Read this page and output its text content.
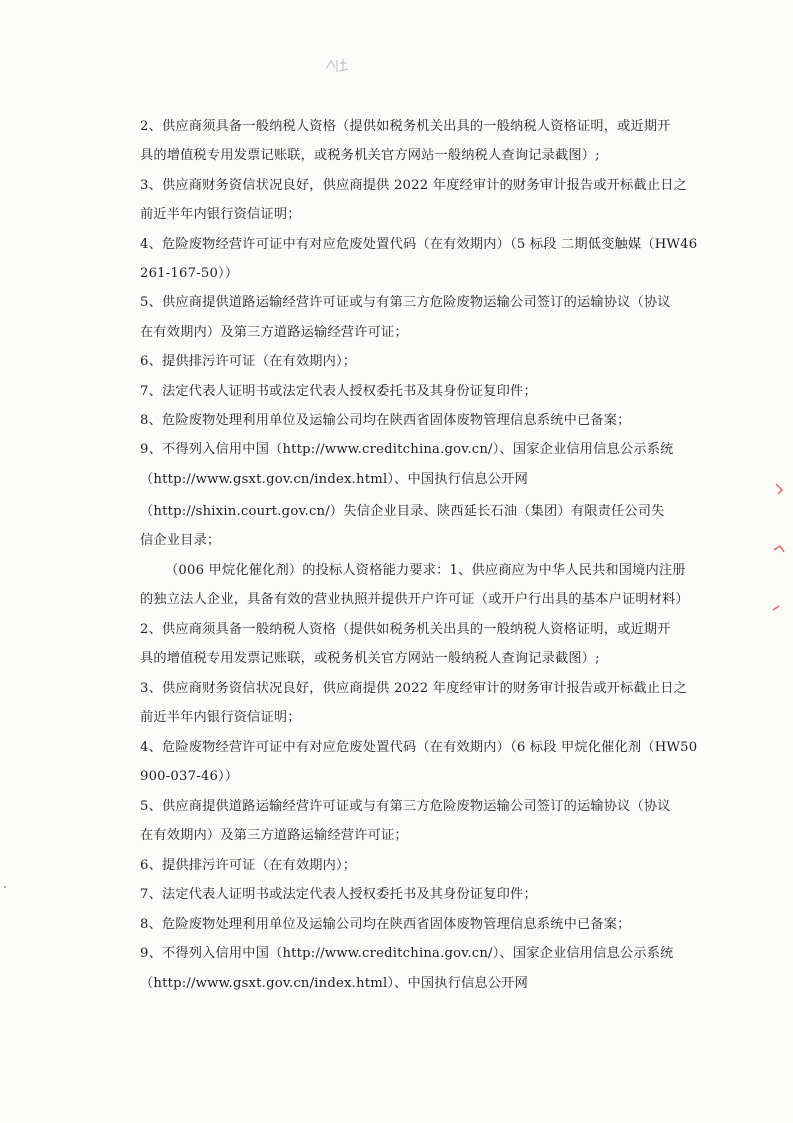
2、供应商须具备一般纳税人资格（提供如税务机关出具的一般纳税人资格证明，或近期开
具的增值税专用发票记账联，或税务机关官方网站一般纳税人查询记录截图）;
3、供应商财务资信状况良好，供应商提供 2022 年度经审计的财务审计报告或开标截止日之
前近半年内银行资信证明；
4、危险废物经营许可证中有对应危废处置代码（在有效期内）（5 标段 二期低变触媒（HW46
261-167-50））
5、供应商提供道路运输经营许可证或与有第三方危险废物运输公司签订的运输协议（协议
在有效期内）及第三方道路运输经营许可证；
6、提供排污许可证（在有效期内）；
7、法定代表人证明书或法定代表人授权委托书及其身份证复印件；
8、危险废物处理利用单位及运输公司均在陕西省固体废物管理信息系统中已备案；
9、不得列入信用中国（http://www.creditchina.gov.cn/）、国家企业信用信息公示系统
（http://www.gsxt.gov.cn/index.html）、中国执行信息公开网
（http://shixin.court.gov.cn/）失信企业目录、陕西延长石油（集团）有限责任公司失
信企业目录；
（006 甲烷化催化剂）的投标人资格能力要求：1、供应商应为中华人民共和国境内注册
的独立法人企业，具备有效的营业执照并提供开户许可证（或开户行出具的基本户证明材料）
2、供应商须具备一般纳税人资格（提供如税务机关出具的一般纳税人资格证明，或近期开
具的增值税专用发票记账联，或税务机关官方网站一般纳税人查询记录截图）;
3、供应商财务资信状况良好，供应商提供 2022 年度经审计的财务审计报告或开标截止日之
前近半年内银行资信证明；
4、危险废物经营许可证中有对应危废处置代码（在有效期内）（6 标段 甲烷化催化剂（HW50
900-037-46））
5、供应商提供道路运输经营许可证或与有第三方危险废物运输公司签订的运输协议（协议
在有效期内）及第三方道路运输经营许可证；
6、提供排污许可证（在有效期内）；
7、法定代表人证明书或法定代表人授权委托书及其身份证复印件；
8、危险废物处理利用单位及运输公司均在陕西省固体废物管理信息系统中已备案；
9、不得列入信用中国（http://www.creditchina.gov.cn/）、国家企业信用信息公示系统
（http://www.gsxt.gov.cn/index.html）、中国执行信息公开网
